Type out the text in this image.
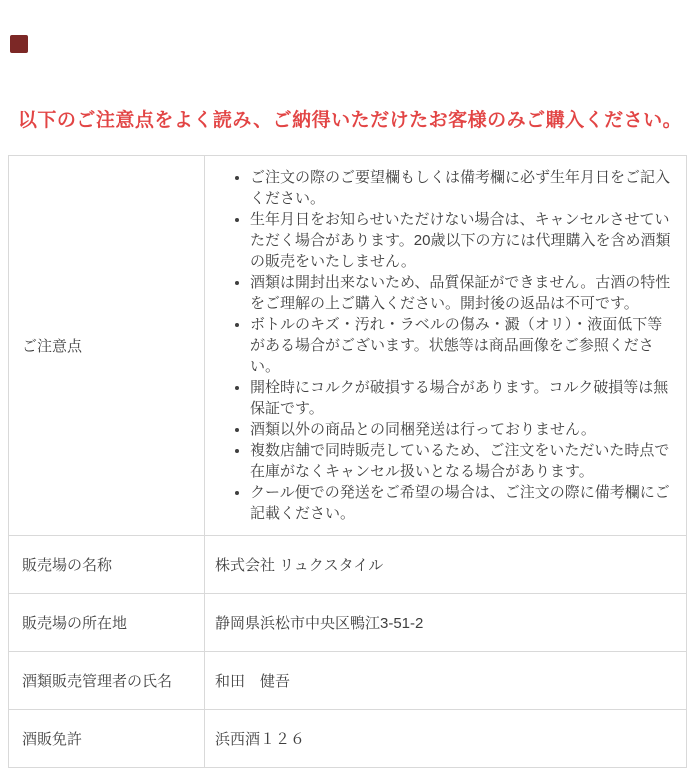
以下のご注意点をよく読み、ご納得いただけたお客様のみご購入ください。
ご注意点	
• ご注文の際のご要望欄もしくは備考欄に必ず生年月日をご記入ください。
• 生年月日をお知らせいただけない場合は、キャンセルさせていただく場合があります。20歳以下の方には代理購入を含め酒類の販売をいたしません。
• 酒類は開封出来ないため、品質保証ができません。古酒の特性をご理解の上ご購入ください。開封後の返品は不可です。
• ボトルのキズ・汚れ・ラベルの傷み・澱（オリ）・液面低下等がある場合がございます。状態等は商品画像をご参照ください。
• 開栓時にコルクが破損する場合があります。コルク破損等は無保証です。
• 酒類以外の商品との同梱発送は行っておりません。
• 複数店舗で同時販売しているため、ご注文をいただいた時点で在庫がなくキャンセル扱いとなる場合があります。
• クール便での発送をご希望の場合は、ご注文の際に備考欄にご記載ください。

販売場の名称	株式会社 リュクスタイル
販売場の所在地	静岡県浜松市中央区鴨江3-51-2
酒類販売管理者の氏名	和田　健吾
酒販免許	浜西酒１２６
